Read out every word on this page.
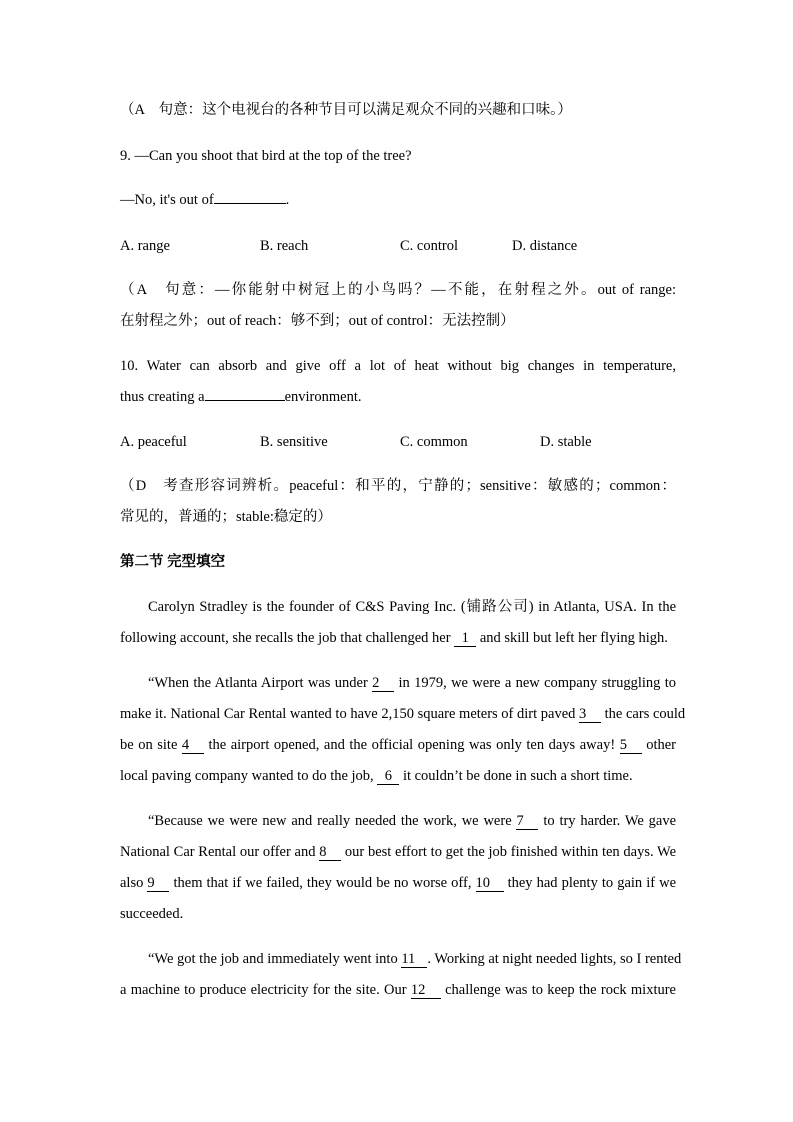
（A　句意：这个电视台的各种节目可以满足观众不同的兴趣和口味。）
9. —Can you shoot that bird at the top of the tree?
—No, it's out of	.
A. range	B. reach	C. control	D. distance
（A　句意：—你能射中树冠上的小鸟吗？—不能，在射程之外。out of range:
在射程之外；out of reach：够不到；out of control：无法控制）
10. Water can absorb and give off a lot of heat without big changes in temperature,
thus creating a	environment.
A. peaceful	B. sensitive	C. common	D. stable
（D　考查形容词辨析。peaceful：和平的，宁静的；sensitive：敏感的；common：
常见的，普通的；stable:稳定的）
第二节 完型填空
Carolyn Stradley is the founder of C&S Paving Inc. (铺路公司) in Atlanta, USA. In the
following account, she recalls the job that challenged her 1 and skill but left her flying high.
“When the Atlanta Airport was under 2 in 1979, we were a new company struggling to
make it. National Car Rental wanted to have 2,150 square meters of dirt paved 3 the cars could
be on site 4 the airport opened, and the official opening was only ten days away! 5 other
local paving company wanted to do the job, 6 it couldn’t be done in such a short time.
“Because we were new and really needed the work, we were 7 to try harder. We gave
National Car Rental our offer and 8 our best effort to get the job finished within ten days. We
also 9 them that if we failed, they would be no worse off, 10 they had plenty to gain if we
succeeded.
“We got the job and immediately went into 11 . Working at night needed lights, so I rented
a machine to produce electricity for the site. Our 12 challenge was to keep the rock mixture
